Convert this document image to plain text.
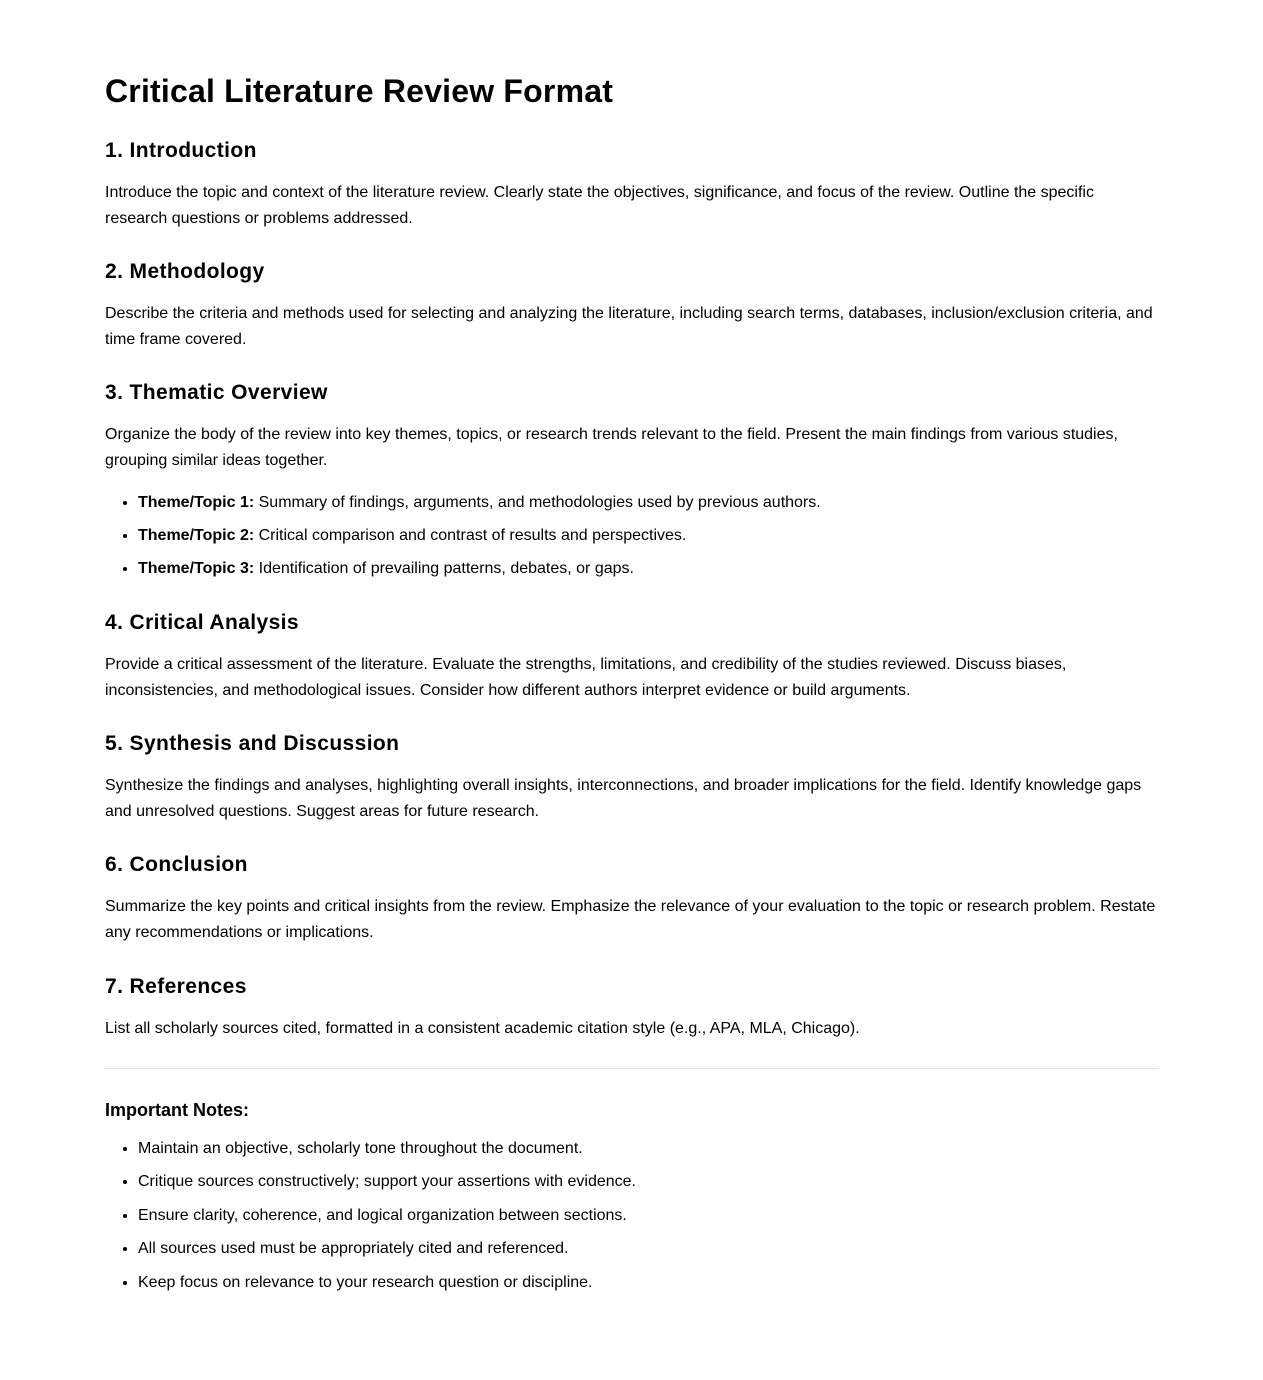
Critical Literature Review Format
1. Introduction

Introduce the topic and context of the literature review. Clearly state the objectives, significance, and focus of the review. Outline the specific research questions or problems addressed.

2. Methodology

Describe the criteria and methods used for selecting and analyzing the literature, including search terms, databases, inclusion/exclusion criteria, and time frame covered.

3. Thematic Overview

Organize the body of the review into key themes, topics, or research trends relevant to the field. Present the main findings from various studies, grouping similar ideas together.

• Theme/Topic 1: Summary of findings, arguments, and methodologies used by previous authors.
• Theme/Topic 2: Critical comparison and contrast of results and perspectives.
• Theme/Topic 3: Identification of prevailing patterns, debates, or gaps.
4. Critical Analysis

Provide a critical assessment of the literature. Evaluate the strengths, limitations, and credibility of the studies reviewed. Discuss biases, inconsistencies, and methodological issues. Consider how different authors interpret evidence or build arguments.

5. Synthesis and Discussion

Synthesize the findings and analyses, highlighting overall insights, interconnections, and broader implications for the field. Identify knowledge gaps and unresolved questions. Suggest areas for future research.

6. Conclusion

Summarize the key points and critical insights from the review. Emphasize the relevance of your evaluation to the topic or research problem. Restate any recommendations or implications.

7. References

List all scholarly sources cited, formatted in a consistent academic citation style (e.g., APA, MLA, Chicago).

Important Notes:
• Maintain an objective, scholarly tone throughout the document.
• Critique sources constructively; support your assertions with evidence.
• Ensure clarity, coherence, and logical organization between sections.
• All sources used must be appropriately cited and referenced.
• Keep focus on relevance to your research question or discipline.
